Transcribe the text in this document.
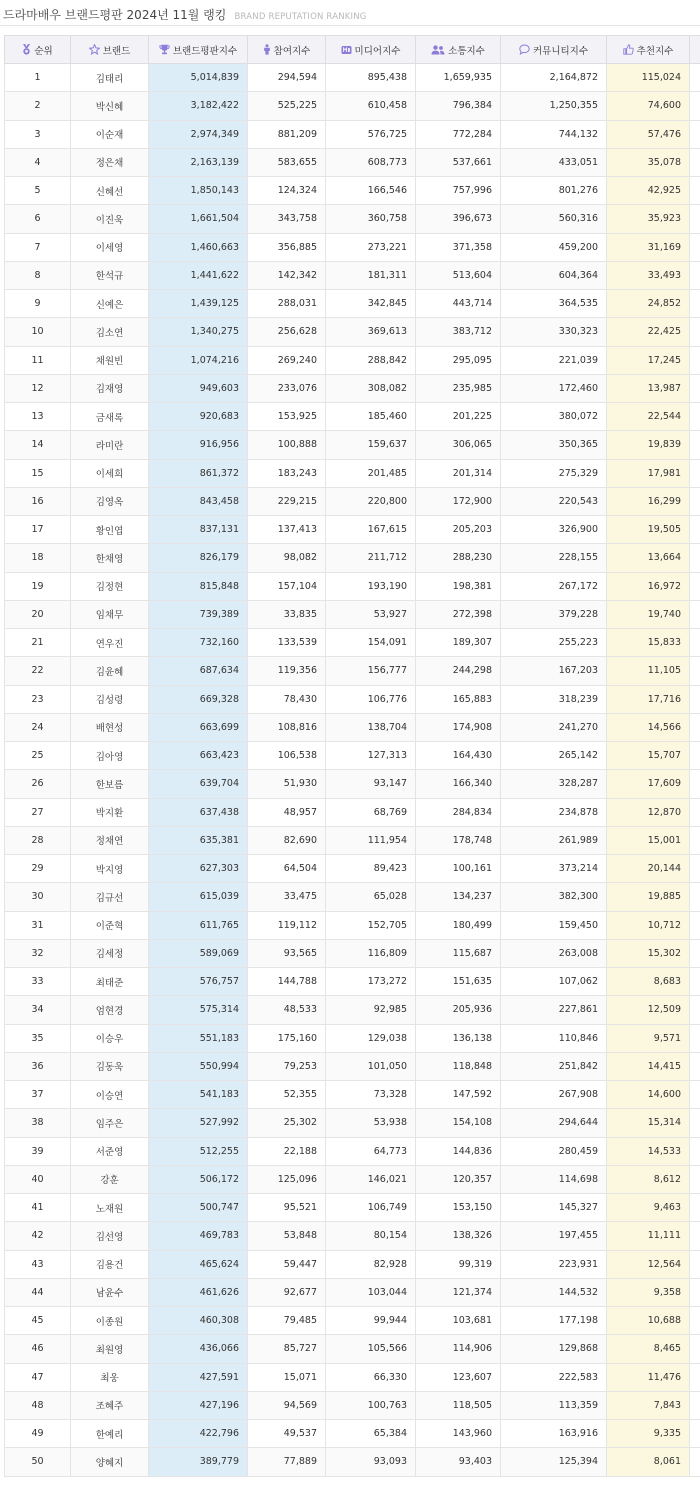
드라마배우 브랜드평판 2024년 11월 랭킹 BRAND REPUTATION RANKING
순위	브랜드	브랜드평판지수	참여지수	미디어지수	소통지수	커뮤니티지수	추천지수	
1	김태리	5,014,839	294,594	895,438	1,659,935	2,164,872	115,024	
2	박신혜	3,182,422	525,225	610,458	796,384	1,250,355	74,600	
3	이순재	2,974,349	881,209	576,725	772,284	744,132	57,476	
4	정은채	2,163,139	583,655	608,773	537,661	433,051	35,078	
5	신혜선	1,850,143	124,324	166,546	757,996	801,276	42,925	
6	이진욱	1,661,504	343,758	360,758	396,673	560,316	35,923	
7	이세영	1,460,663	356,885	273,221	371,358	459,200	31,169	
8	한석규	1,441,622	142,342	181,311	513,604	604,364	33,493	
9	신예은	1,439,125	288,031	342,845	443,714	364,535	24,852	
10	김소연	1,340,275	256,628	369,613	383,712	330,323	22,425	
11	채원빈	1,074,216	269,240	288,842	295,095	221,039	17,245	
12	김재영	949,603	233,076	308,082	235,985	172,460	13,987	
13	금새록	920,683	153,925	185,460	201,225	380,072	22,544	
14	라미란	916,956	100,888	159,637	306,065	350,365	19,839	
15	이세희	861,372	183,243	201,485	201,314	275,329	17,981	
16	김영옥	843,458	229,215	220,800	172,900	220,543	16,299	
17	황인엽	837,131	137,413	167,615	205,203	326,900	19,505	
18	한채영	826,179	98,082	211,712	288,230	228,155	13,664	
19	김정현	815,848	157,104	193,190	198,381	267,172	16,972	
20	임채무	739,389	33,835	53,927	272,398	379,228	19,740	
21	연우진	732,160	133,539	154,091	189,307	255,223	15,833	
22	김윤혜	687,634	119,356	156,777	244,298	167,203	11,105	
23	김성령	669,328	78,430	106,776	165,883	318,239	17,716	
24	배현성	663,699	108,816	138,704	174,908	241,270	14,566	
25	김아영	663,423	106,538	127,313	164,430	265,142	15,707	
26	한보름	639,704	51,930	93,147	166,340	328,287	17,609	
27	박지환	637,438	48,957	68,769	284,834	234,878	12,870	
28	정채연	635,381	82,690	111,954	178,748	261,989	15,001	
29	박지영	627,303	64,504	89,423	100,161	373,214	20,144	
30	김규선	615,039	33,475	65,028	134,237	382,300	19,885	
31	이준혁	611,765	119,112	152,705	180,499	159,450	10,712	
32	김세정	589,069	93,565	116,809	115,687	263,008	15,302	
33	최태준	576,757	144,788	173,272	151,635	107,062	8,683	
34	엄현경	575,314	48,533	92,985	205,936	227,861	12,509	
35	이승우	551,183	175,160	129,038	136,138	110,846	9,571	
36	김동욱	550,994	79,253	101,050	118,848	251,842	14,415	
37	이승연	541,183	52,355	73,328	147,592	267,908	14,600	
38	임주은	527,992	25,302	53,938	154,108	294,644	15,314	
39	서준영	512,255	22,188	64,773	144,836	280,459	14,533	
40	강훈	506,172	125,096	146,021	120,357	114,698	8,612	
41	노재원	500,747	95,521	106,749	153,150	145,327	9,463	
42	김선영	469,783	53,848	80,154	138,326	197,455	11,111	
43	김용건	465,624	59,447	82,928	99,319	223,931	12,564	
44	남윤수	461,626	92,677	103,044	121,374	144,532	9,358	
45	이종원	460,308	79,485	99,944	103,681	177,198	10,688	
46	최원영	436,066	85,727	105,566	114,906	129,868	8,465	
47	최웅	427,591	15,071	66,330	123,607	222,583	11,476	
48	조혜주	427,196	94,569	100,763	118,505	113,359	7,843	
49	한예리	422,796	49,537	65,384	143,960	163,916	9,335	
50	양혜지	389,779	77,889	93,093	93,403	125,394	8,061	
